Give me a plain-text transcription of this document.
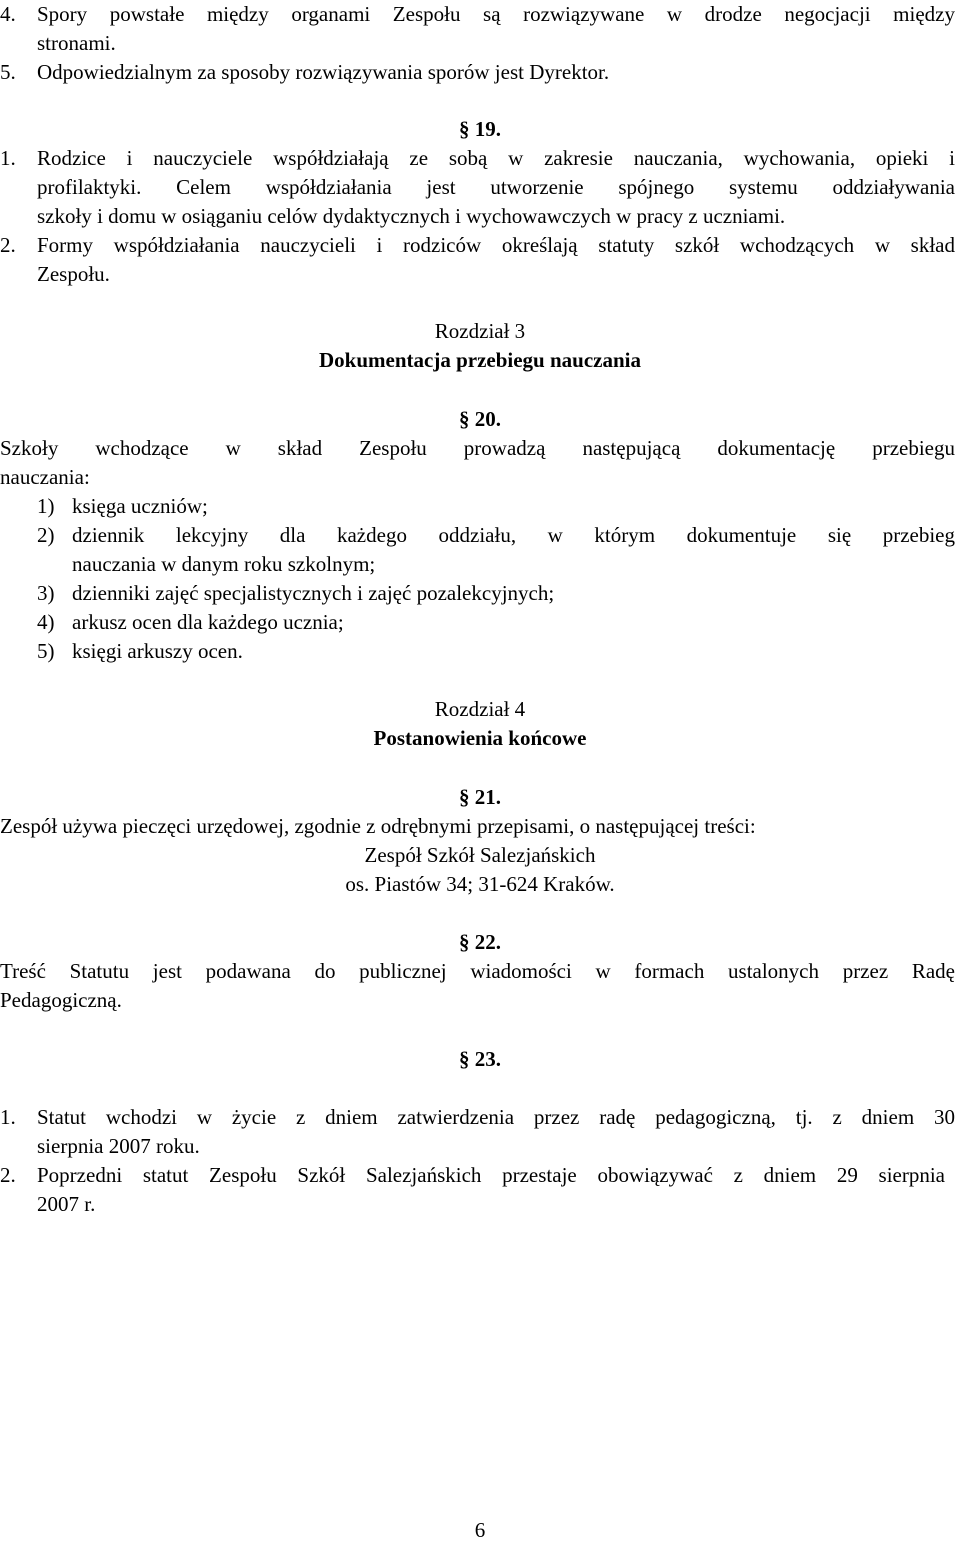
4. Spory powstałe między organami Zespołu są rozwiązywane w drodze negocjacji między
stronami.
5. Odpowiedzialnym za sposoby rozwiązywania sporów jest Dyrektor.
§ 19.
1. Rodzice i nauczyciele współdziałają ze sobą w zakresie nauczania, wychowania, opieki i
profilaktyki. Celem współdziałania jest utworzenie spójnego systemu oddziaływania
szkoły i domu w osiąganiu celów dydaktycznych i wychowawczych w pracy z uczniami.
2. Formy współdziałania nauczycieli i rodziców określają statuty szkół wchodzących w skład
Zespołu.
Rozdział 3
Dokumentacja przebiegu nauczania
§ 20.
Szkoły wchodzące w skład Zespołu prowadzą następującą dokumentację przebiegu
nauczania:
1) księga uczniów;
2) dziennik lekcyjny dla każdego oddziału, w którym dokumentuje się przebieg
nauczania w danym roku szkolnym;
3) dzienniki zajęć specjalistycznych i zajęć pozalekcyjnych;
4) arkusz ocen dla każdego ucznia;
5) księgi arkuszy ocen.
Rozdział 4
Postanowienia końcowe
§ 21.
Zespół używa pieczęci urzędowej, zgodnie z odrębnymi przepisami, o następującej treści:
Zespół Szkół Salezjańskich
os. Piastów 34; 31-624 Kraków.
§ 22.
Treść Statutu jest podawana do publicznej wiadomości w formach ustalonych przez Radę
Pedagogiczną.
§ 23.
1. Statut wchodzi w życie z dniem zatwierdzenia przez radę pedagogiczną, tj. z dniem 30
sierpnia 2007 roku.
2. Poprzedni statut Zespołu Szkół Salezjańskich przestaje obowiązywać z dniem 29 sierpnia
2007 r.
6
